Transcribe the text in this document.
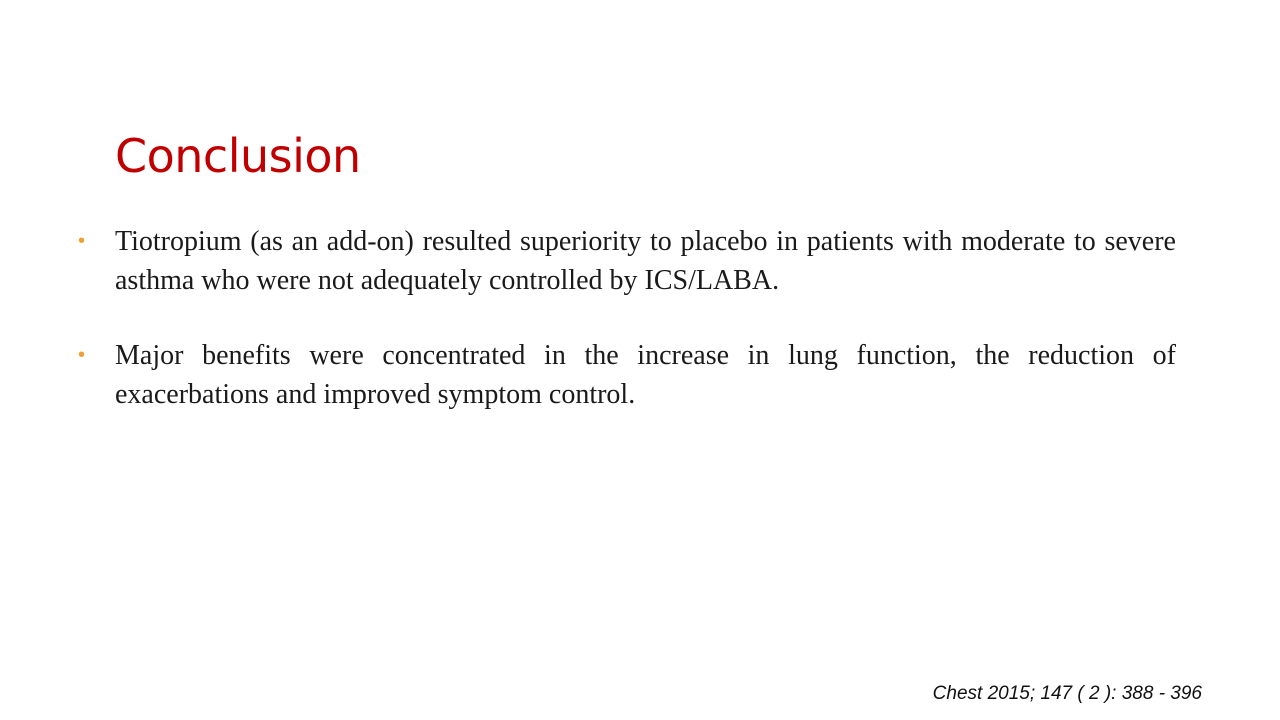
Conclusion
• Tiotropium (as an add-on) resulted superiority to placebo in patients with moderate to severe asthma who were not adequately controlled by ICS/LABA.
• Major benefits were concentrated in the increase in lung function, the reduction of exacerbations and improved symptom control.
Chest 2015; 147 ( 2 ): 388 - 396
